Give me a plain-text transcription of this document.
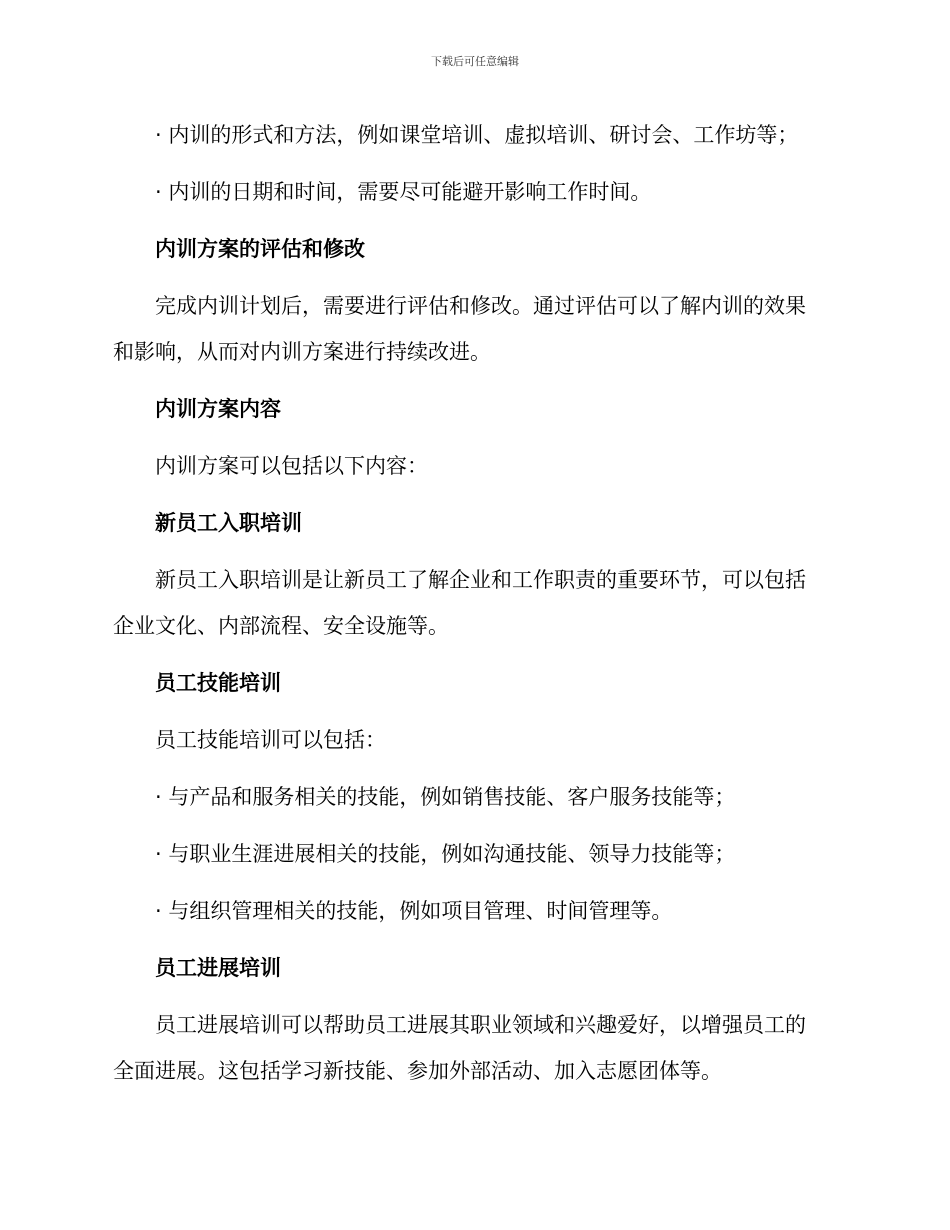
下载后可任意编辑
· 内训的形式和方法，例如课堂培训、虚拟培训、研讨会、工作坊等；
· 内训的日期和时间，需要尽可能避开影响工作时间。
内训方案的评估和修改
完成内训计划后，需要进行评估和修改。通过评估可以了解内训的效果
和影响，从而对内训方案进行持续改进。
内训方案内容
内训方案可以包括以下内容：
新员工入职培训
新员工入职培训是让新员工了解企业和工作职责的重要环节，可以包括
企业文化、内部流程、安全设施等。
员工技能培训
员工技能培训可以包括：
· 与产品和服务相关的技能，例如销售技能、客户服务技能等；
· 与职业生涯进展相关的技能，例如沟通技能、领导力技能等；
· 与组织管理相关的技能，例如项目管理、时间管理等。
员工进展培训
员工进展培训可以帮助员工进展其职业领域和兴趣爱好，以增强员工的
全面进展。这包括学习新技能、参加外部活动、加入志愿团体等。
